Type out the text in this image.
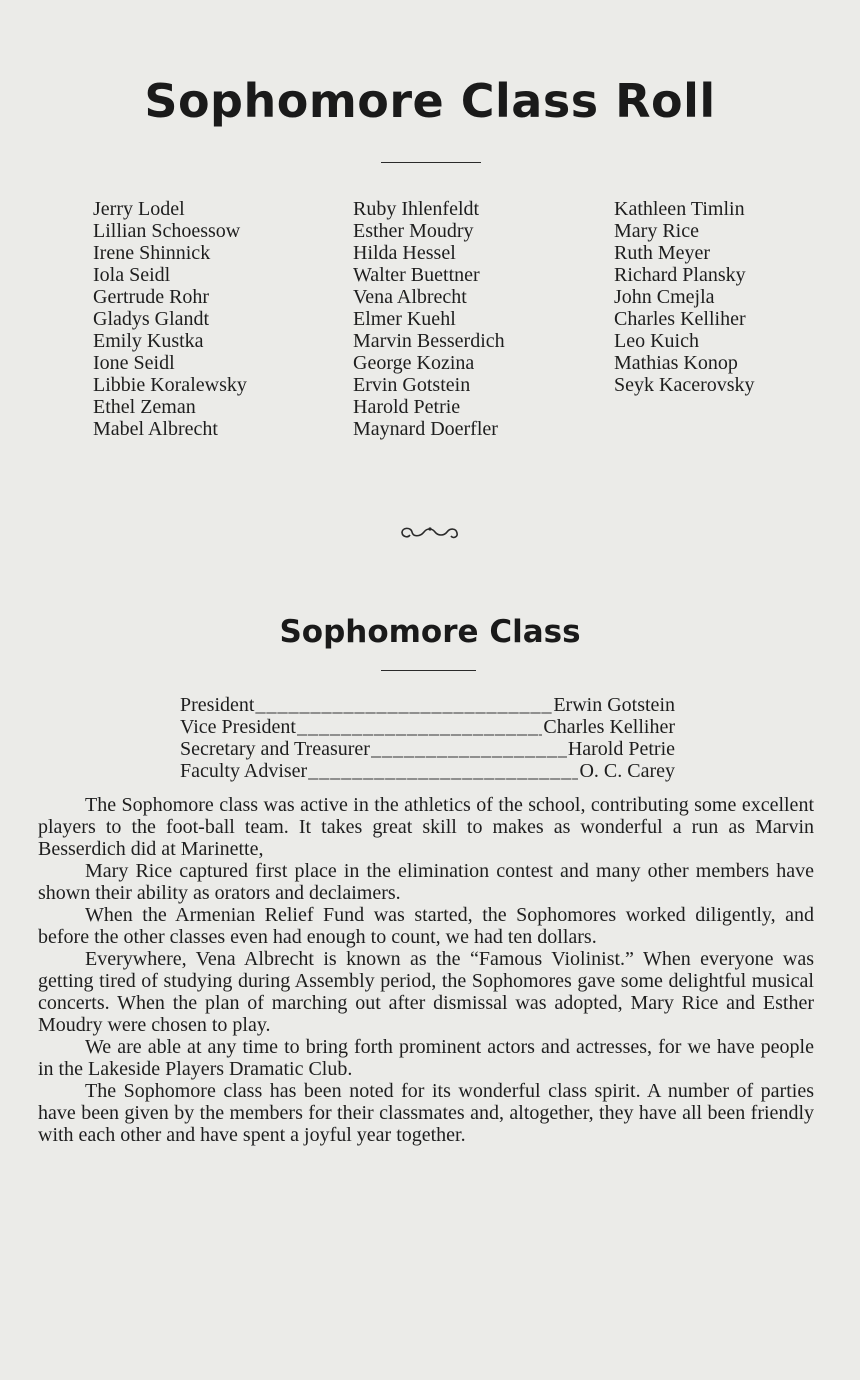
Sophomore Class Roll
Jerry Lodel
Lillian Schoessow
Irene Shinnick
Iola Seidl
Gertrude Rohr
Gladys Glandt
Emily Kustka
Ione Seidl
Libbie Koralewsky
Ethel Zeman
Mabel Albrecht
Ruby Ihlenfeldt
Esther Moudry
Hilda Hessel
Walter Buettner
Vena Albrecht
Elmer Kuehl
Marvin Besserdich
George Kozina
Ervin Gotstein
Harold Petrie
Maynard Doerfler
Kathleen Timlin
Mary Rice
Ruth Meyer
Richard Plansky
John Cmejla
Charles Kelliher
Leo Kuich
Mathias Konop
Seyk Kacerovsky
Sophomore Class
President _____	Erwin Gotstein
Vice President _____	Charles Kelliher
Secretary and Treasurer _____	Harold Petrie
Faculty Adviser _____	O. C. Carey

The Sophomore class was active in the athletics of the school, contributing some excellent players to the foot-ball team. It takes great skill to makes as wonderful a run as Marvin Besserdich did at Marinette,

Mary Rice captured first place in the elimination contest and many other members have shown their ability as orators and declaimers.

When the Armenian Relief Fund was started, the Sophomores worked diligently, and before the other classes even had enough to count, we had ten dollars.

Everywhere, Vena Albrecht is known as the “Famous Violinist.” When everyone was getting tired of studying during Assembly period, the Sophomores gave some delightful musical concerts. When the plan of marching out after dismissal was adopted, Mary Rice and Esther Moudry were chosen to play.

We are able at any time to bring forth prominent actors and actresses, for we have people in the Lakeside Players Dramatic Club.

The Sophomore class has been noted for its wonderful class spirit. A number of parties have been given by the members for their classmates and, altogether, they have all been friendly with each other and have spent a joyful year together.
